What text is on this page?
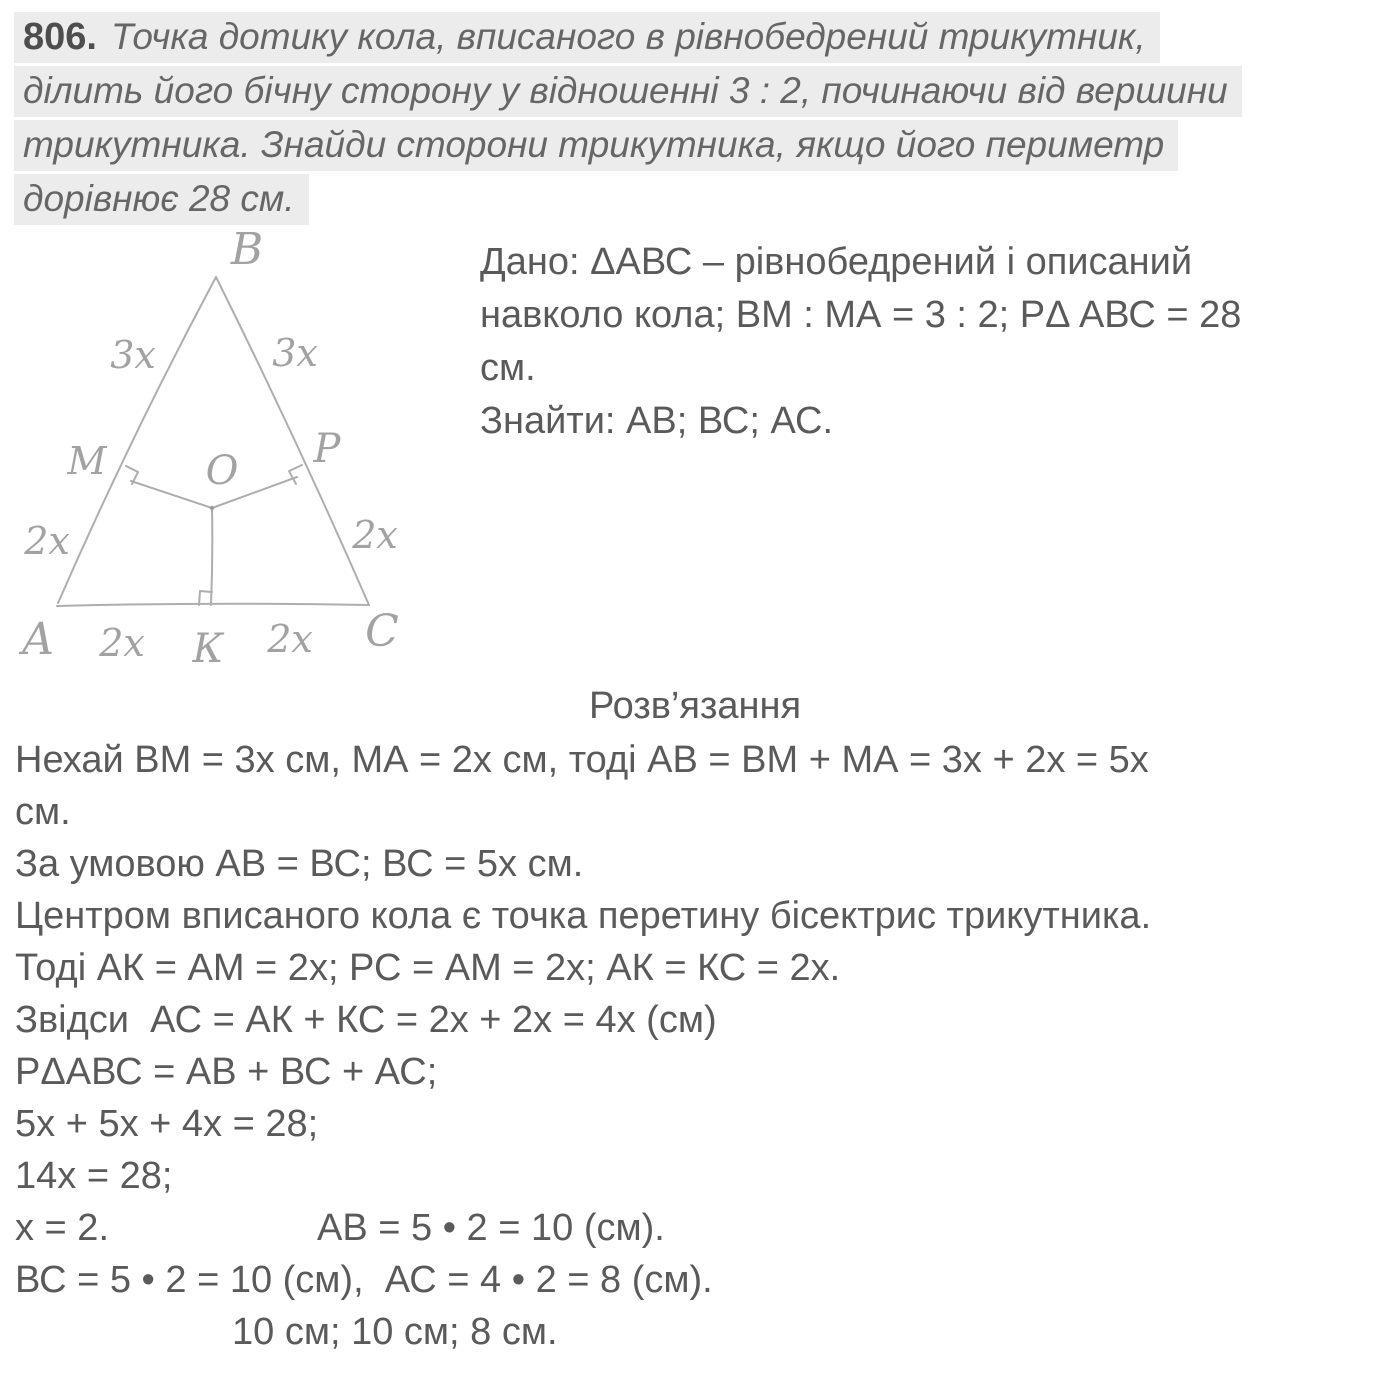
806. Точка дотику кола, вписаного в рівнобедрений трикутник,
ділить його бічну сторону у відношенні 3 : 2, починаючи від вершини
трикутника. Знайди сторони трикутника, якщо його периметр
дорівнює 28 см.
B
A	C
К
О Р
М
3x	3x
2x	2x
2x	2x
Дано: ΔАВС – рівнобедрений і описаний
навколо кола; ВМ : МА = 3 : 2; РΔ АВС = 28
см.
Знайти: АВ; ВС; АС.
Розв’язання
Нехай ВМ = 3х см, МА = 2х см, тоді АВ = ВМ + МА = 3х + 2х = 5х
см.
За умовою АВ = ВС; ВС = 5х см.
Центром вписаного кола є точка перетину бісектрис трикутника.
Тоді АК = АМ = 2х; РС = АМ = 2х; АК = КС = 2х.
Звідси  АС = АК + КС = 2х + 2х = 4х (см)
РΔАВС = АВ + ВС + АС;
5х + 5х + 4х = 28;
14х = 28;
х = 2.	АВ = 5 • 2 = 10 (см).
ВС = 5 • 2 = 10 (см),  АС = 4 • 2 = 8 (см).
10 см; 10 см; 8 см.
